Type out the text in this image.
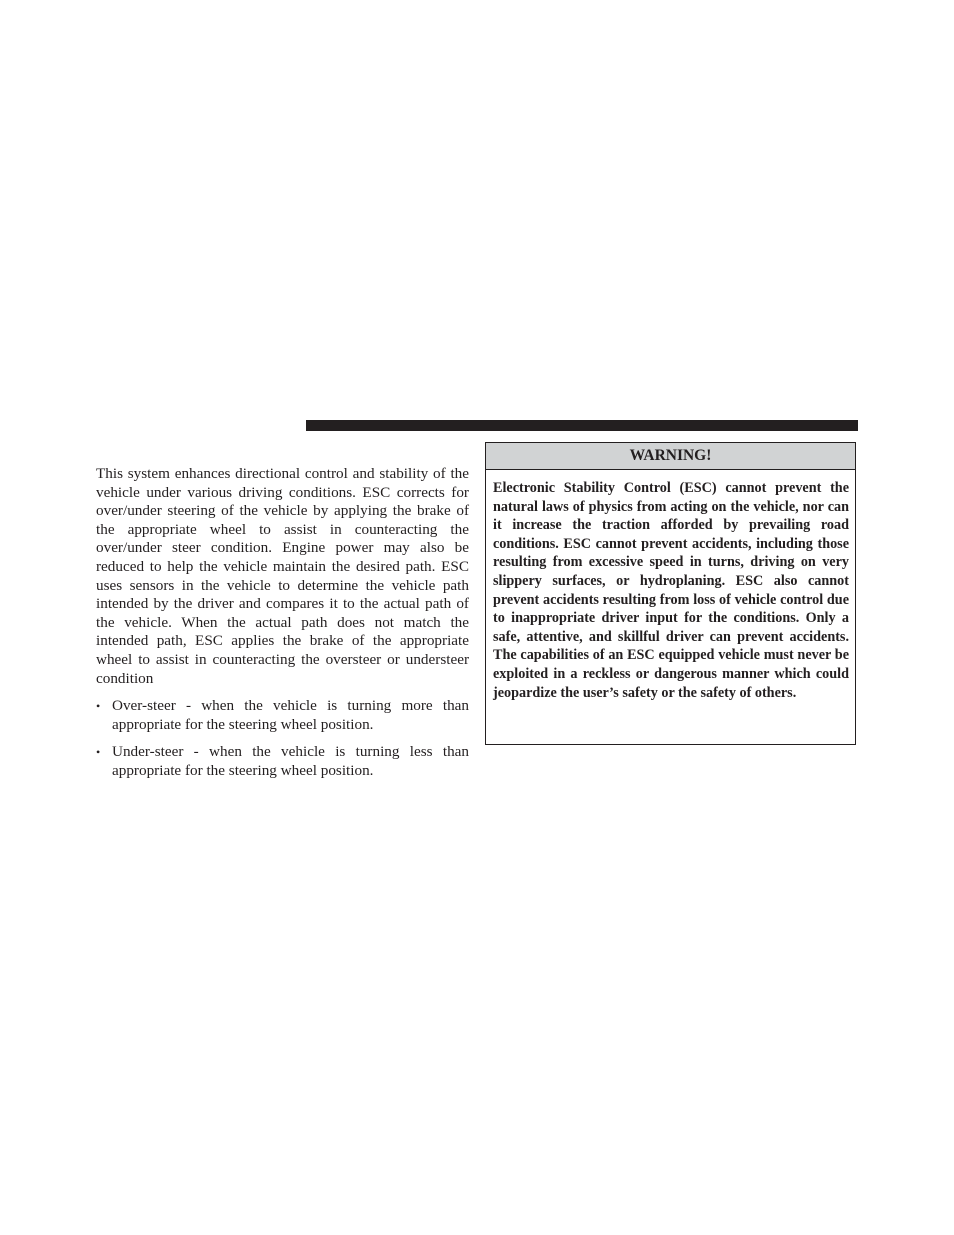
This system enhances directional control and stability of the vehicle under various driving conditions. ESC corrects for over/under steering of the vehicle by applying the brake of the appropriate wheel to assist in counteracting the over/under steer condition. Engine power may also be reduced to help the vehicle maintain the desired path. ESC uses sensors in the vehicle to determine the vehicle path intended by the driver and compares it to the actual path of the vehicle. When the actual path does not match the intended path, ESC applies the brake of the appropriate wheel to assist in counteracting the oversteer or understeer condition

• Over-steer - when the vehicle is turning more than appropriate for the steering wheel position.
• Under-steer - when the vehicle is turning less than appropriate for the steering wheel position.
WARNING!

Electronic Stability Control (ESC) cannot prevent the natural laws of physics from acting on the vehicle, nor can it increase the traction afforded by prevailing road conditions. ESC cannot prevent accidents, including those resulting from excessive speed in turns, driving on very slippery surfaces, or hydroplaning. ESC also cannot prevent accidents resulting from loss of vehicle control due to inappropriate driver input for the conditions. Only a safe, attentive, and skillful driver can prevent accidents. The capabilities of an ESC equipped vehicle must never be exploited in a reckless or dangerous manner which could jeopardize the user’s safety or the safety of others.
